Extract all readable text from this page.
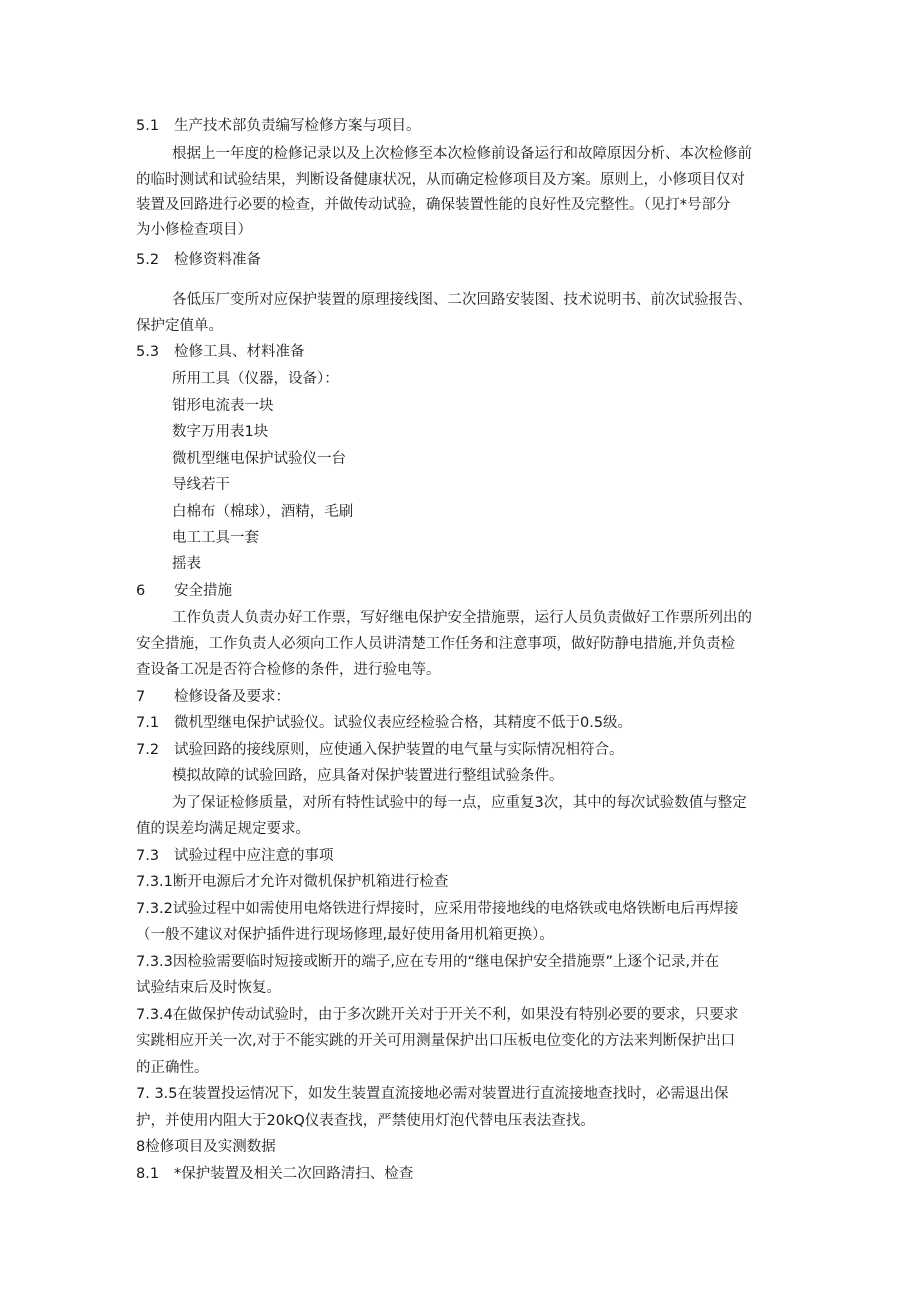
5.1 生产技术部负责编写检修方案与项目。
根据上一年度的检修记录以及上次检修至本次检修前设备运行和故障原因分析、本次检修前
的临时测试和试验结果，判断设备健康状况，从而确定检修项目及方案。原则上，小修项目仅对
装置及回路进行必要的检查，并做传动试验，确保装置性能的良好性及完整性。（见打*号部分
为小修检查项目）
5.2 检修资料准备
各低压厂变所对应保护装置的原理接线图、二次回路安装图、技术说明书、前次试验报告、
保护定值单。
5.3 检修工具、材料准备
所用工具（仪器，设备）：
钳形电流表一块
数字万用表1块
微机型继电保护试验仪一台
导线若干
白棉布（棉球），酒精，毛刷
电工工具一套
摇表
6 安全措施
工作负责人负责办好工作票，写好继电保护安全措施票，运行人员负责做好工作票所列出的
安全措施，工作负责人必须向工作人员讲清楚工作任务和注意事项，做好防静电措施,并负责检
查设备工况是否符合检修的条件，进行验电等。
7 检修设备及要求：
7.1 微机型继电保护试验仪。试验仪表应经检验合格，其精度不低于0.5级。
7.2 试验回路的接线原则，应使通入保护装置的电气量与实际情况相符合。
模拟故障的试验回路，应具备对保护装置进行整组试验条件。
为了保证检修质量，对所有特性试验中的每一点，应重复3次，其中的每次试验数值与整定
值的误差均满足规定要求。
7.3 试验过程中应注意的事项
7.3.1断开电源后才允许对微机保护机箱进行检查
7.3.2试验过程中如需使用电烙铁进行焊接时，应采用带接地线的电烙铁或电烙铁断电后再焊接
（一般不建议对保护插件进行现场修理,最好使用备用机箱更换）。
7.3.3因检验需要临时短接或断开的端子,应在专用的“继电保护安全措施票”上逐个记录,并在
试验结束后及时恢复。
7.3.4在做保护传动试验时，由于多次跳开关对于开关不利，如果没有特别必要的要求，只要求
实跳相应开关一次,对于不能实跳的开关可用测量保护出口压板电位变化的方法来判断保护出口
的正确性。
7. 3.5在装置投运情况下，如发生装置直流接地必需对装置进行直流接地查找时，必需退出保
护，并使用内阻大于20kQ仪表查找，严禁使用灯泡代替电压表法查找。
8检修项目及实测数据
8.1 *保护装置及相关二次回路清扫、检查
